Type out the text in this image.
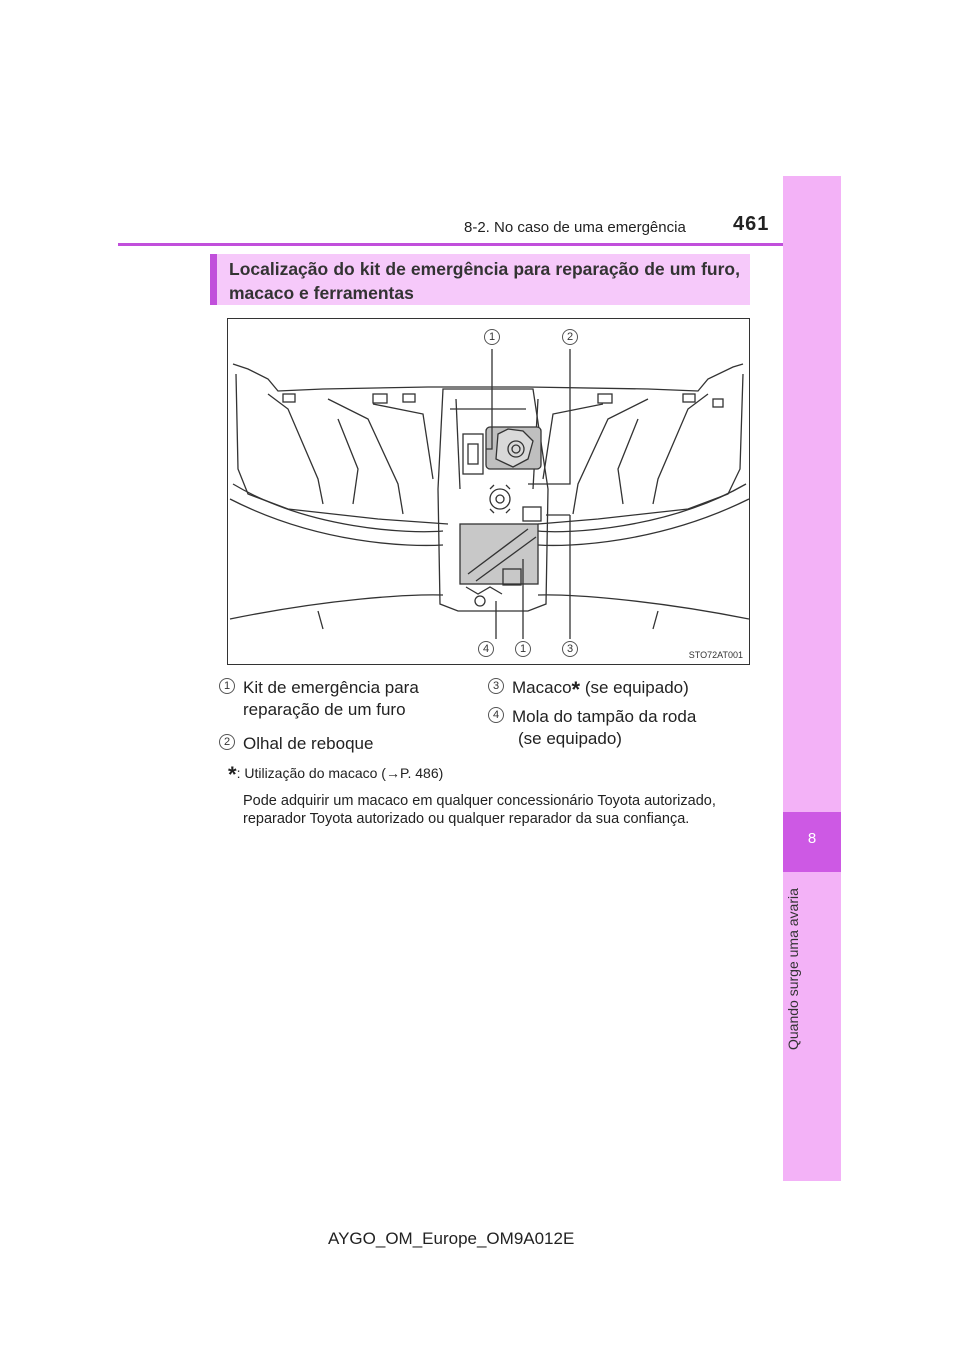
8-2. No caso de uma emergência 461
8
Quando surge uma avaria
Localização do kit de emergência para reparação de um furo, macaco e ferramentas
1	2
4	1	3	STO72AT001
1 Kit de emergência para
reparação de um furo
2 Olhal de reboque
3 Macaco* (se equipado)
4 Mola do tampão da roda
(se equipado)
*: Utilização do macaco (→P. 486)
Pode adquirir um macaco em qualquer concessionário Toyota autorizado, reparador Toyota autorizado ou qualquer reparador da sua confiança.
AYGO_OM_Europe_OM9A012E
